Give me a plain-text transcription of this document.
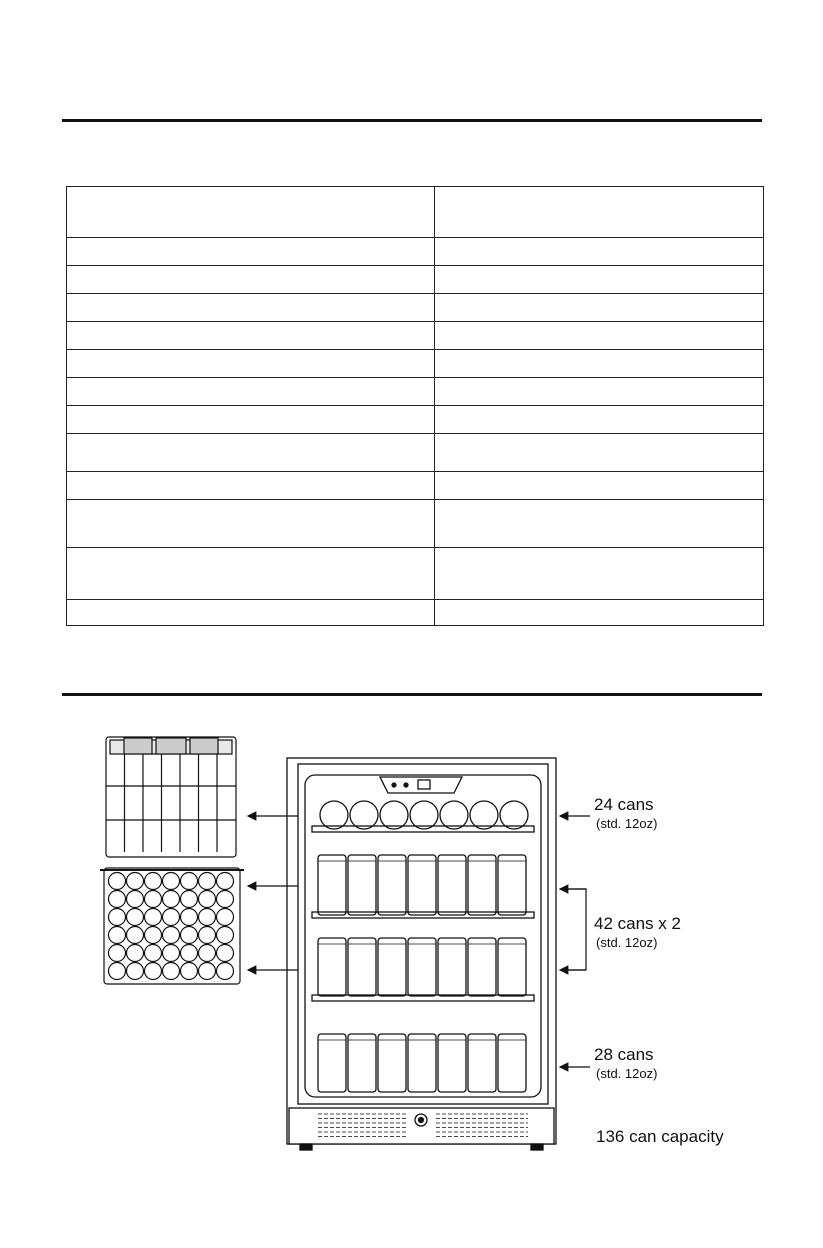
24 cans
(std. 12oz)
42 cans x 2
(std. 12oz)
28 cans
(std. 12oz)
136 can capacity
